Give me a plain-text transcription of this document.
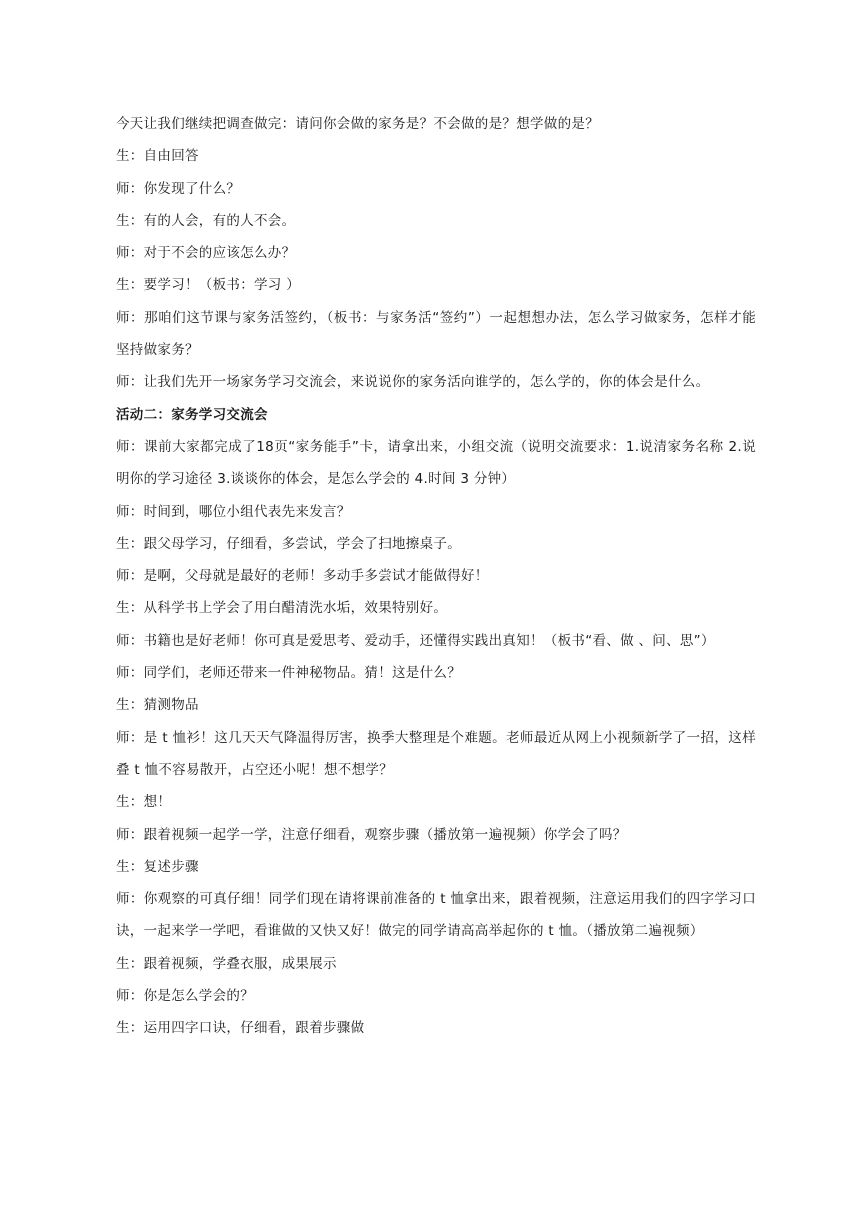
今天让我们继续把调查做完：请问你会做的家务是？不会做的是？想学做的是？

生：自由回答

师：你发现了什么？

生：有的人会，有的人不会。

师：对于不会的应该怎么办？

生：要学习！（板书：学习 ）

师：那咱们这节课与家务活签约，（板书：与家务活“签约”）一起想想办法，怎么学习做家务，怎样才能坚持做家务？

师：让我们先开一场家务学习交流会，来说说你的家务活向谁学的，怎么学的，你的体会是什么。

活动二：家务学习交流会

师：课前大家都完成了18页“家务能手”卡，请拿出来，小组交流（说明交流要求：1.说清家务名称 2.说明你的学习途径 3.谈谈你的体会，是怎么学会的 4.时间 3 分钟）

师：时间到，哪位小组代表先来发言？

生：跟父母学习，仔细看，多尝试，学会了扫地擦桌子。

师：是啊，父母就是最好的老师！多动手多尝试才能做得好！

生：从科学书上学会了用白醋清洗水垢，效果特别好。

师：书籍也是好老师！你可真是爱思考、爱动手，还懂得实践出真知！（板书“看、做 、问、思”）

师：同学们，老师还带来一件神秘物品。猜！这是什么？

生：猜测物品

师：是 t 恤衫！这几天天气降温得厉害，换季大整理是个难题。老师最近从网上小视频新学了一招，这样叠 t 恤不容易散开，占空还小呢！想不想学？

生：想！

师：跟着视频一起学一学，注意仔细看，观察步骤（播放第一遍视频）你学会了吗？

生：复述步骤

师：你观察的可真仔细！同学们现在请将课前准备的 t 恤拿出来，跟着视频，注意运用我们的四字学习口诀，一起来学一学吧，看谁做的又快又好！做完的同学请高高举起你的 t 恤。（播放第二遍视频）

生：跟着视频，学叠衣服，成果展示

师：你是怎么学会的？

生：运用四字口诀，仔细看，跟着步骤做
